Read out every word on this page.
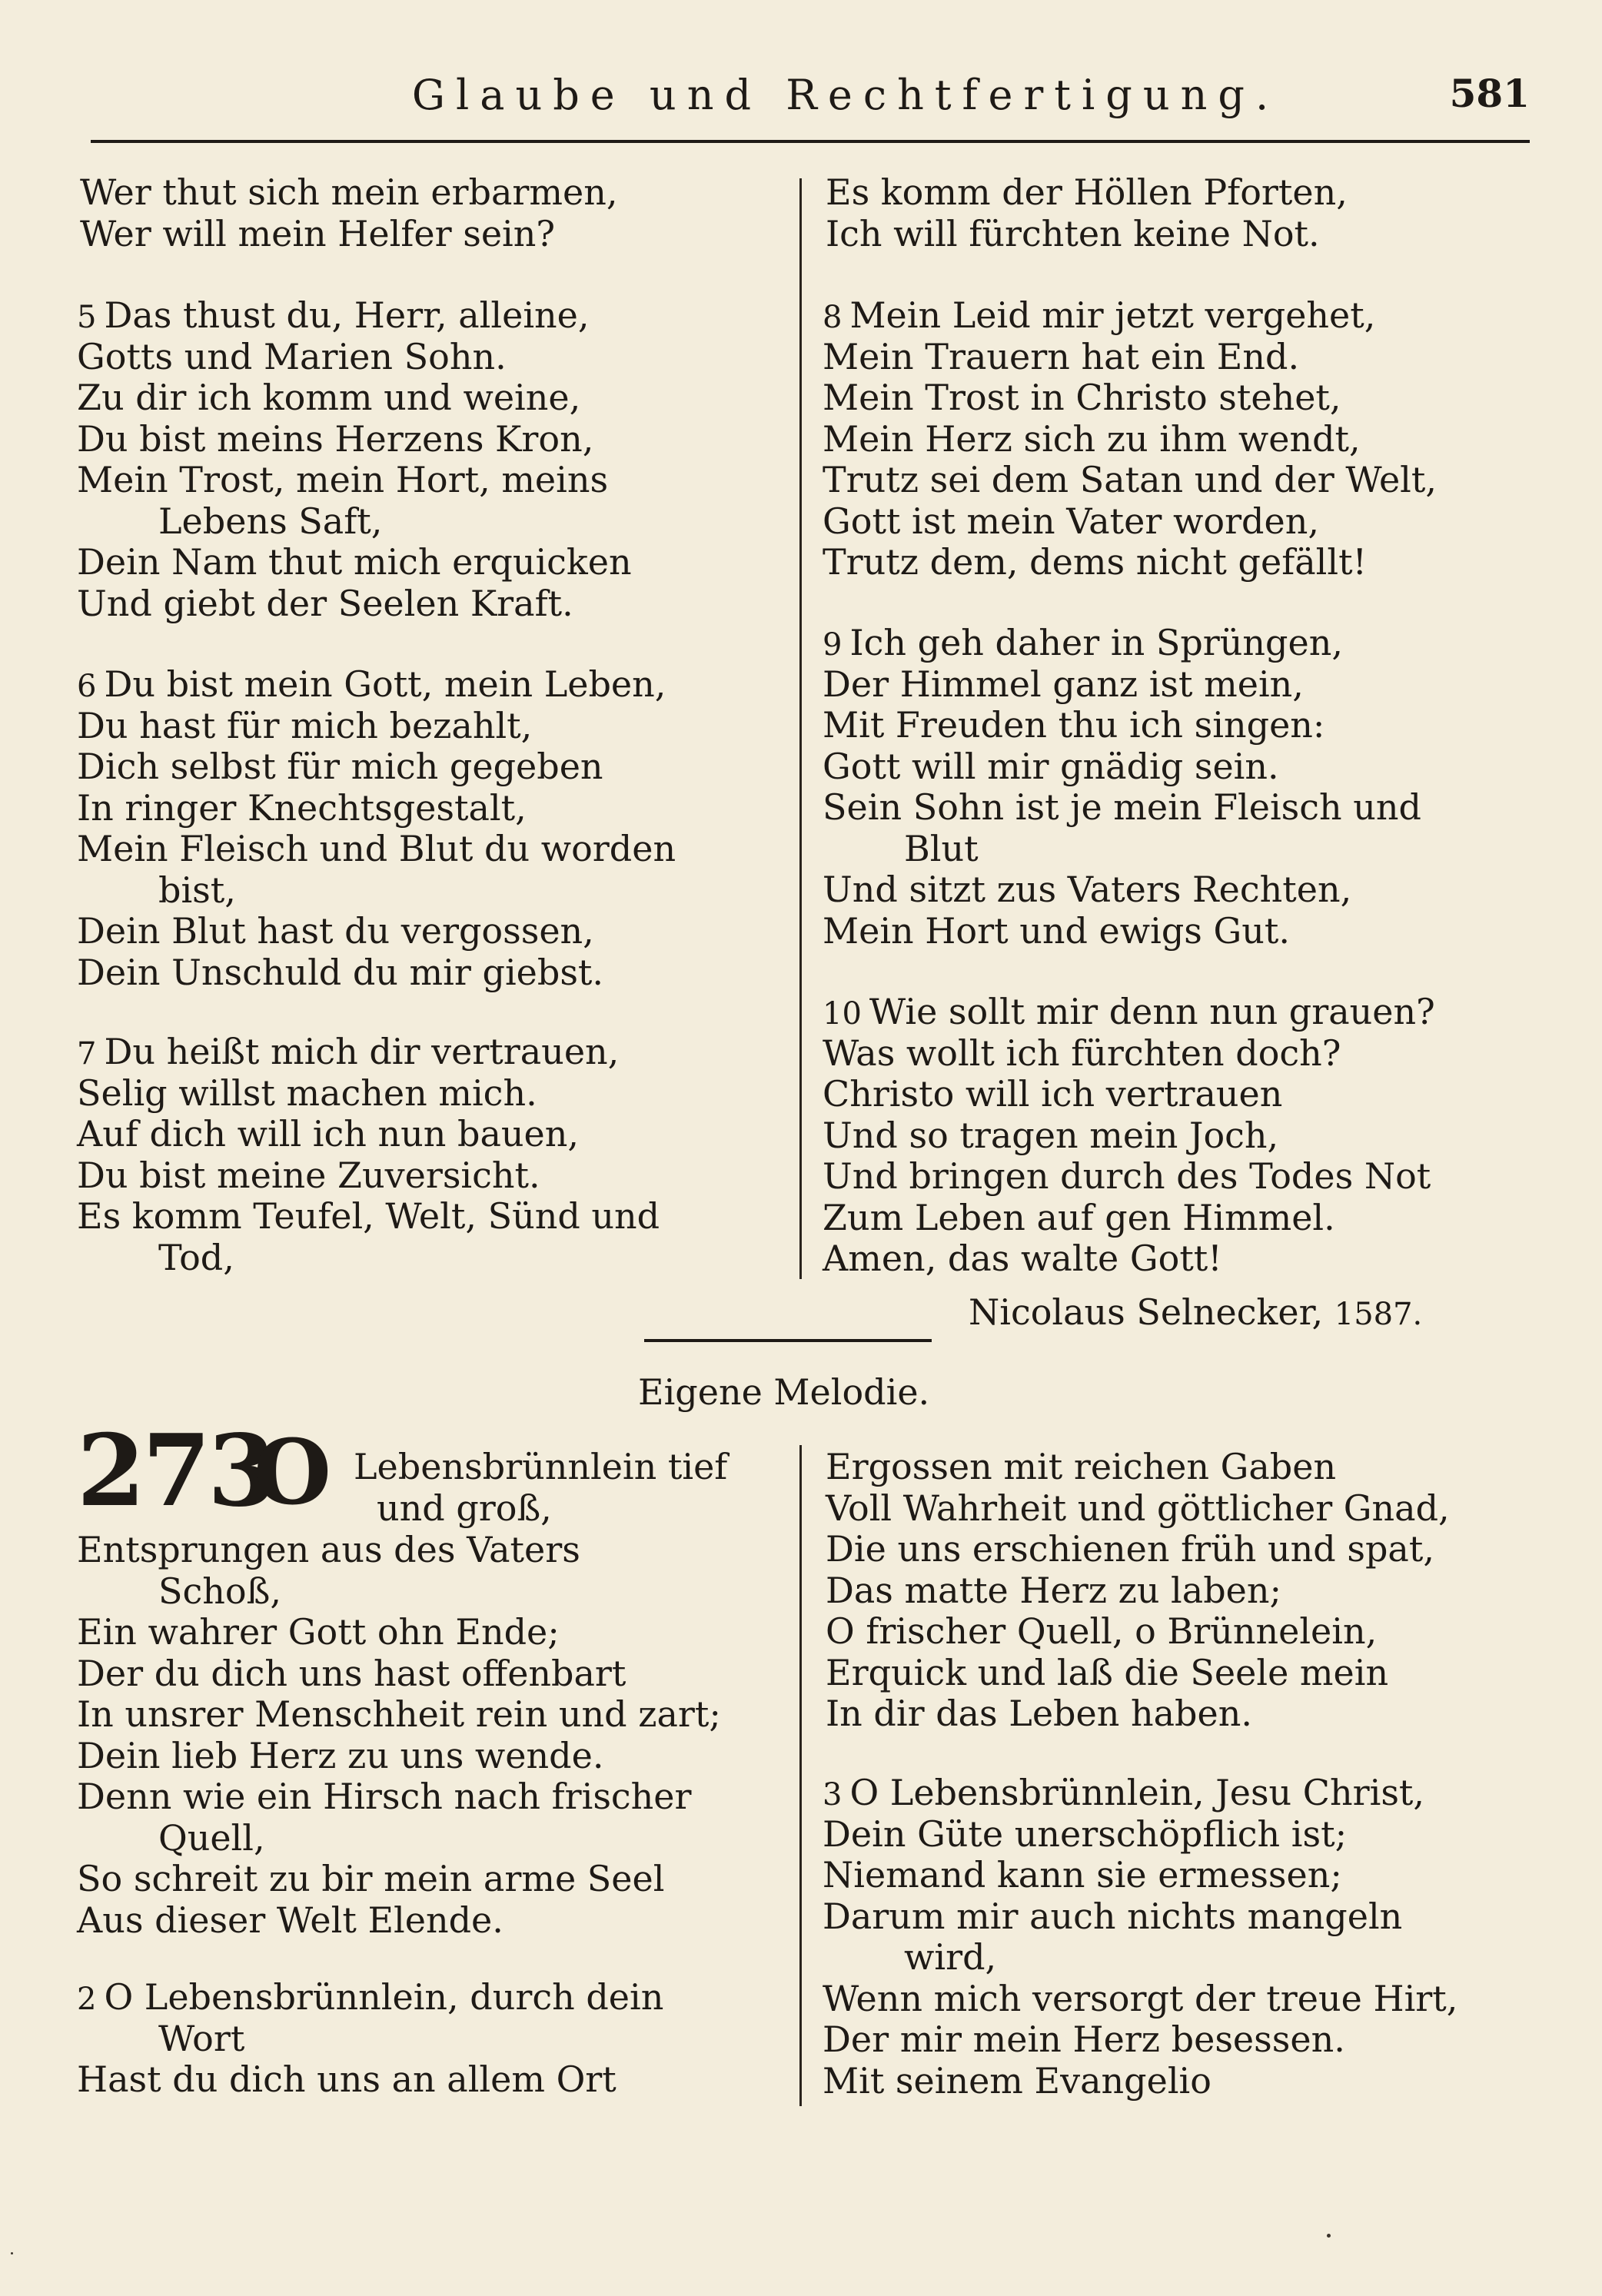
Glaube und Rechtfertigung.	581
Wer thut sich mein erbarmen,
Wer will mein Helfer sein?
5 Das thust du, Herr, alleine,
Gotts und Marien Sohn.
Zu dir ich komm und weine,
Du bist meins Herzens Kron,
Mein Trost, mein Hort, meins
Lebens Saft,
Dein Nam thut mich erquicken
Und giebt der Seelen Kraft.
6 Du bist mein Gott, mein Leben,
Du hast für mich bezahlt,
Dich selbst für mich gegeben
In ringer Knechtsgestalt,
Mein Fleisch und Blut du worden
bist,
Dein Blut hast du vergossen,
Dein Unschuld du mir giebst.
7 Du heißt mich dir vertrauen,
Selig willst machen mich.
Auf dich will ich nun bauen,
Du bist meine Zuversicht.
Es komm Teufel, Welt, Sünd und
Tod,
Es komm der Höllen Pforten,
Ich will fürchten keine Not.
8 Mein Leid mir jetzt vergehet,
Mein Trauern hat ein End.
Mein Trost in Christo stehet,
Mein Herz sich zu ihm wendt,
Trutz sei dem Satan und der Welt,
Gott ist mein Vater worden,
Trutz dem, dems nicht gefällt!
9 Ich geh daher in Sprüngen,
Der Himmel ganz ist mein,
Mit Freuden thu ich singen:
Gott will mir gnädig sein.
Sein Sohn ist je mein Fleisch und
Blut
Und sitzt zus Vaters Rechten,
Mein Hort und ewigs Gut.
10 Wie sollt mir denn nun grauen?
Was wollt ich fürchten doch?
Christo will ich vertrauen
Und so tragen mein Joch,
Und bringen durch des Todes Not
Zum Leben auf gen Himmel.
Amen, das walte Gott!
Nicolaus Selnecker, 1587.
Eigene Melodie.
273
O Lebensbrünnlein tief
und groß,
Entsprungen aus des Vaters
Schoß,
Ein wahrer Gott ohn Ende;
Der du dich uns hast offenbart
In unsrer Menschheit rein und zart;
Dein lieb Herz zu uns wende.
Denn wie ein Hirsch nach frischer
Quell,
So schreit zu bir mein arme Seel
Aus dieser Welt Elende.
2 O Lebensbrünnlein, durch dein
Wort
Hast du dich uns an allem Ort
Ergossen mit reichen Gaben
Voll Wahrheit und göttlicher Gnad,
Die uns erschienen früh und spat,
Das matte Herz zu laben;
O frischer Quell, o Brünnelein,
Erquick und laß die Seele mein
In dir das Leben haben.
3 O Lebensbrünnlein, Jesu Christ,
Dein Güte unerschöpflich ist;
Niemand kann sie ermessen;
Darum mir auch nichts mangeln
wird,
Wenn mich versorgt der treue Hirt,
Der mir mein Herz besessen.
Mit seinem Evangelio
